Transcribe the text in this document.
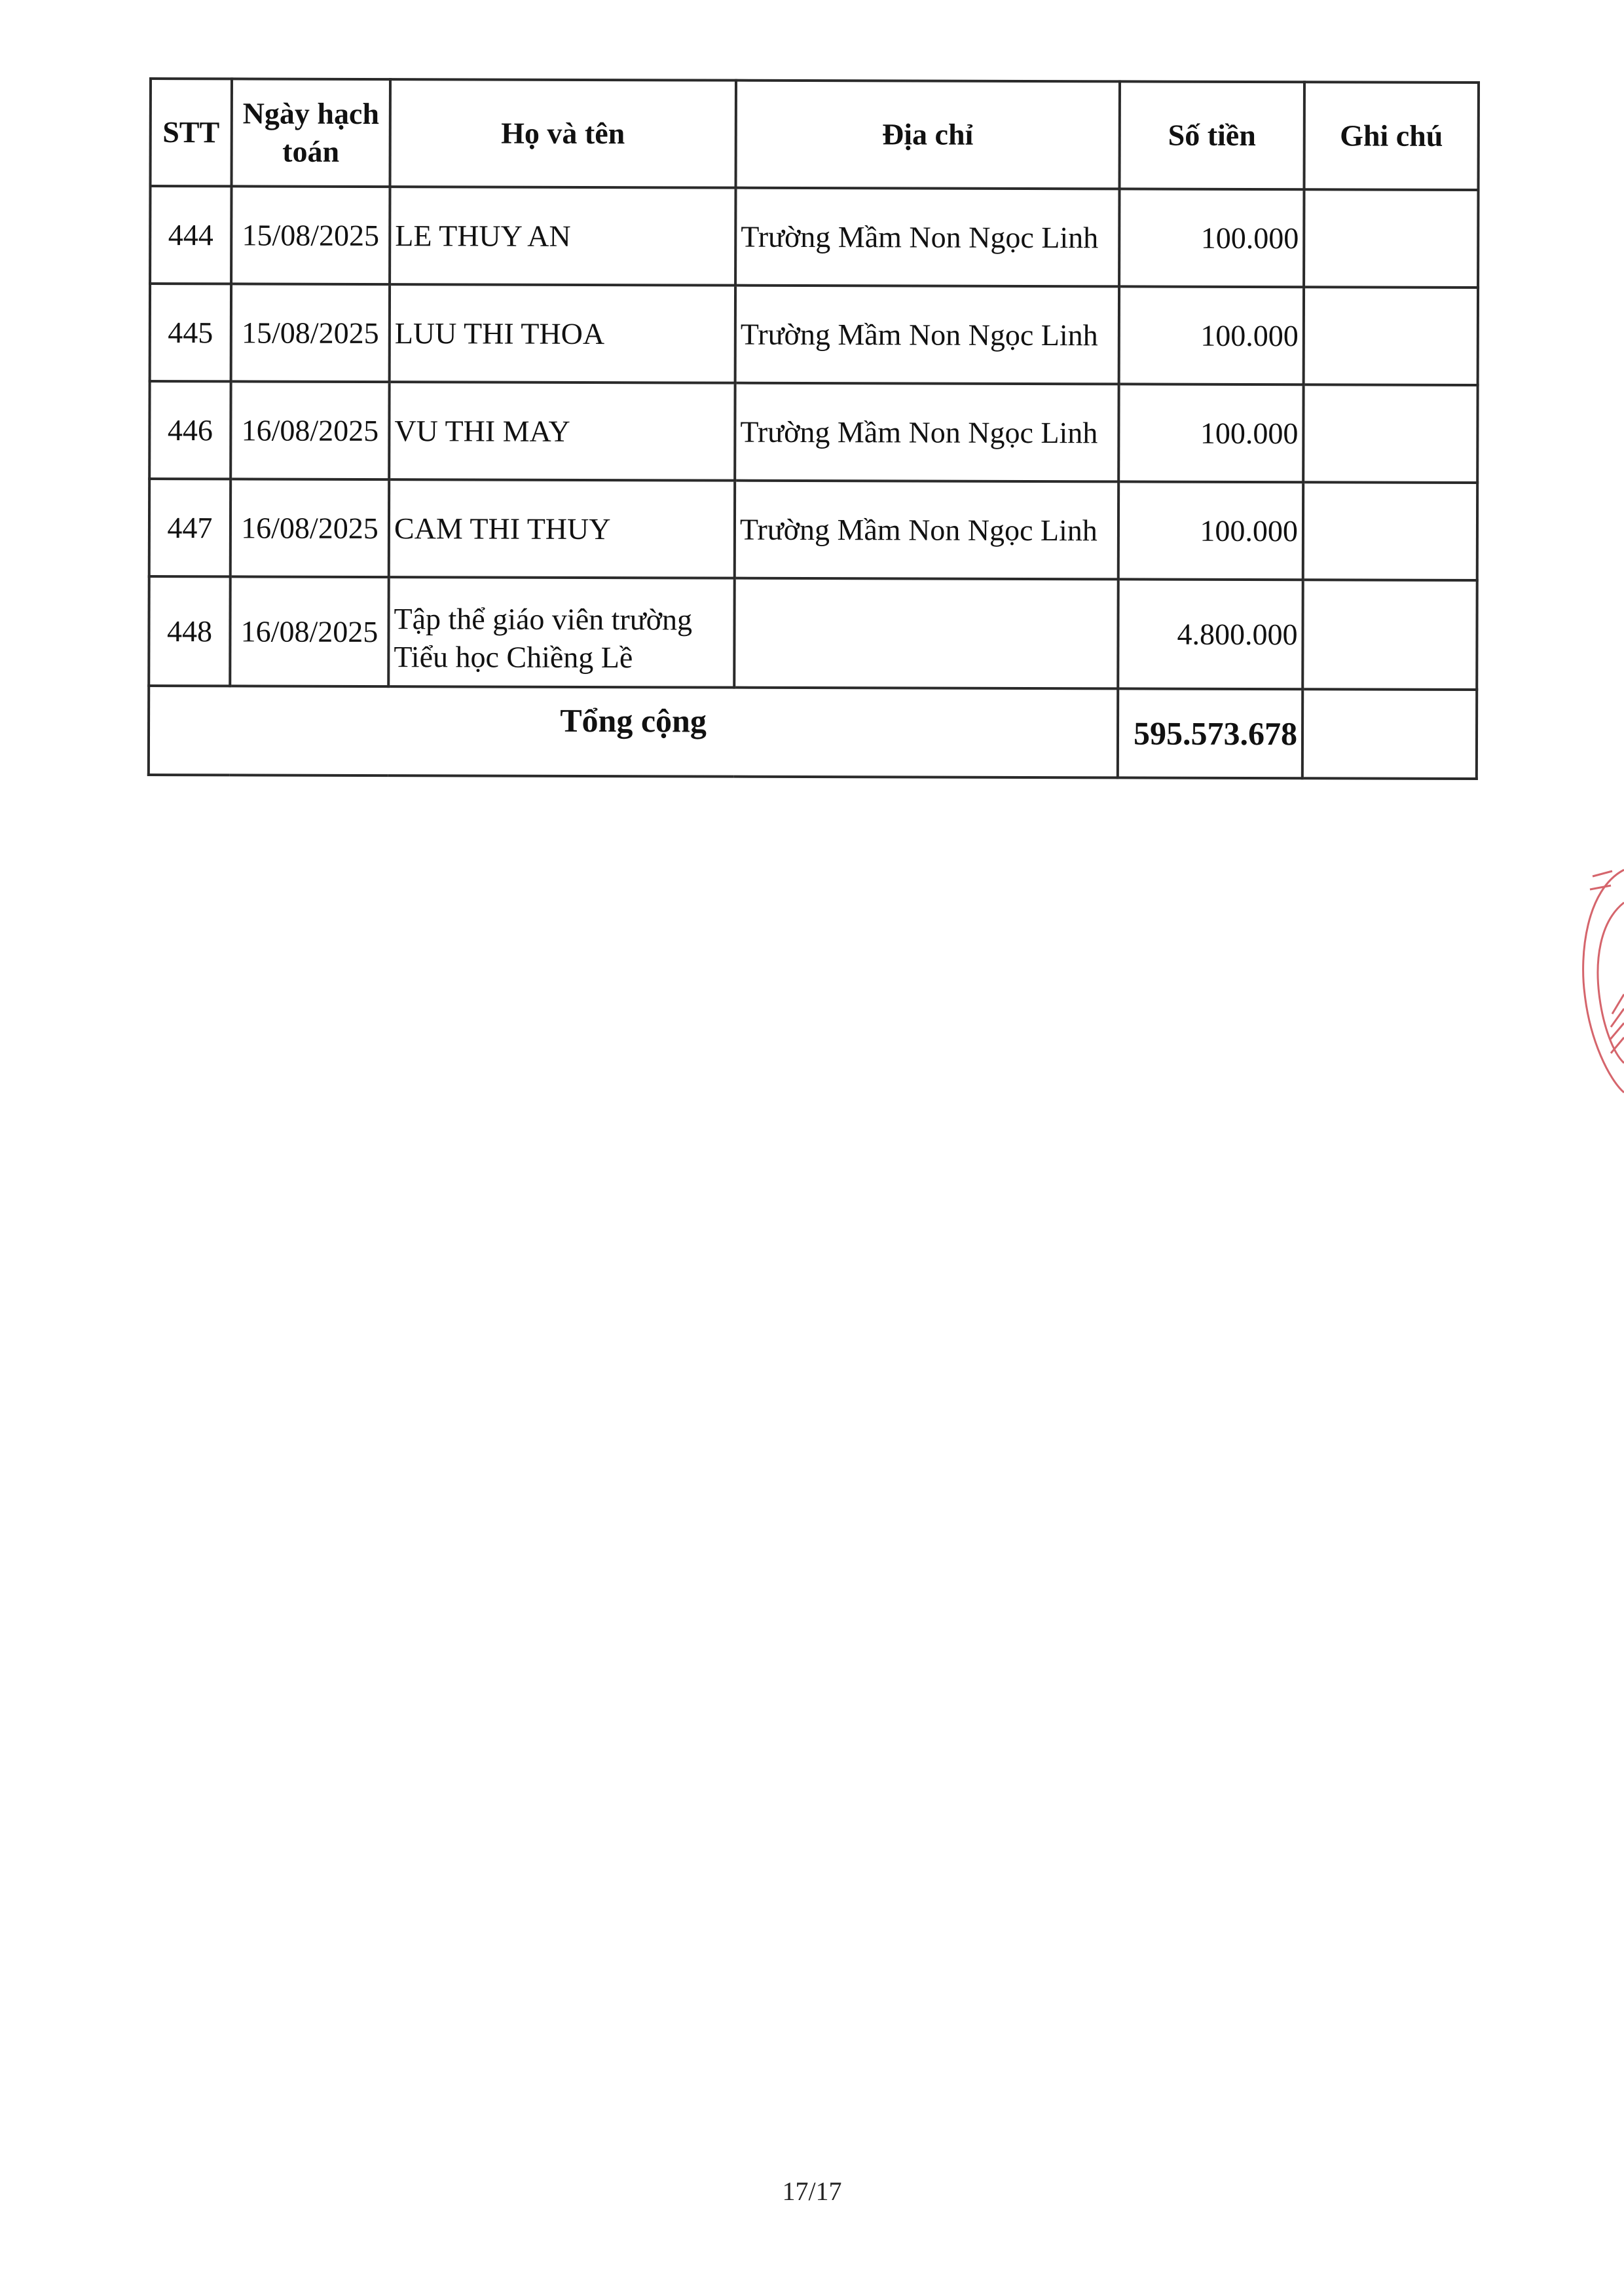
STT	Ngày hạch toán	Họ và tên	Địa chỉ	Số tiền	Ghi chú
444	15/08/2025	LE THUY AN	Trường Mầm Non Ngọc Linh	100.000	
445	15/08/2025	LUU THI THOA	Trường Mầm Non Ngọc Linh	100.000	
446	16/08/2025	VU THI MAY	Trường Mầm Non Ngọc Linh	100.000	
447	16/08/2025	CAM THI THUY	Trường Mầm Non Ngọc Linh	100.000	
448	16/08/2025	Tập thể giáo viên trường Tiểu học Chiềng Lề		4.800.000	
Tổng cộng				595.573.678	
17/17
